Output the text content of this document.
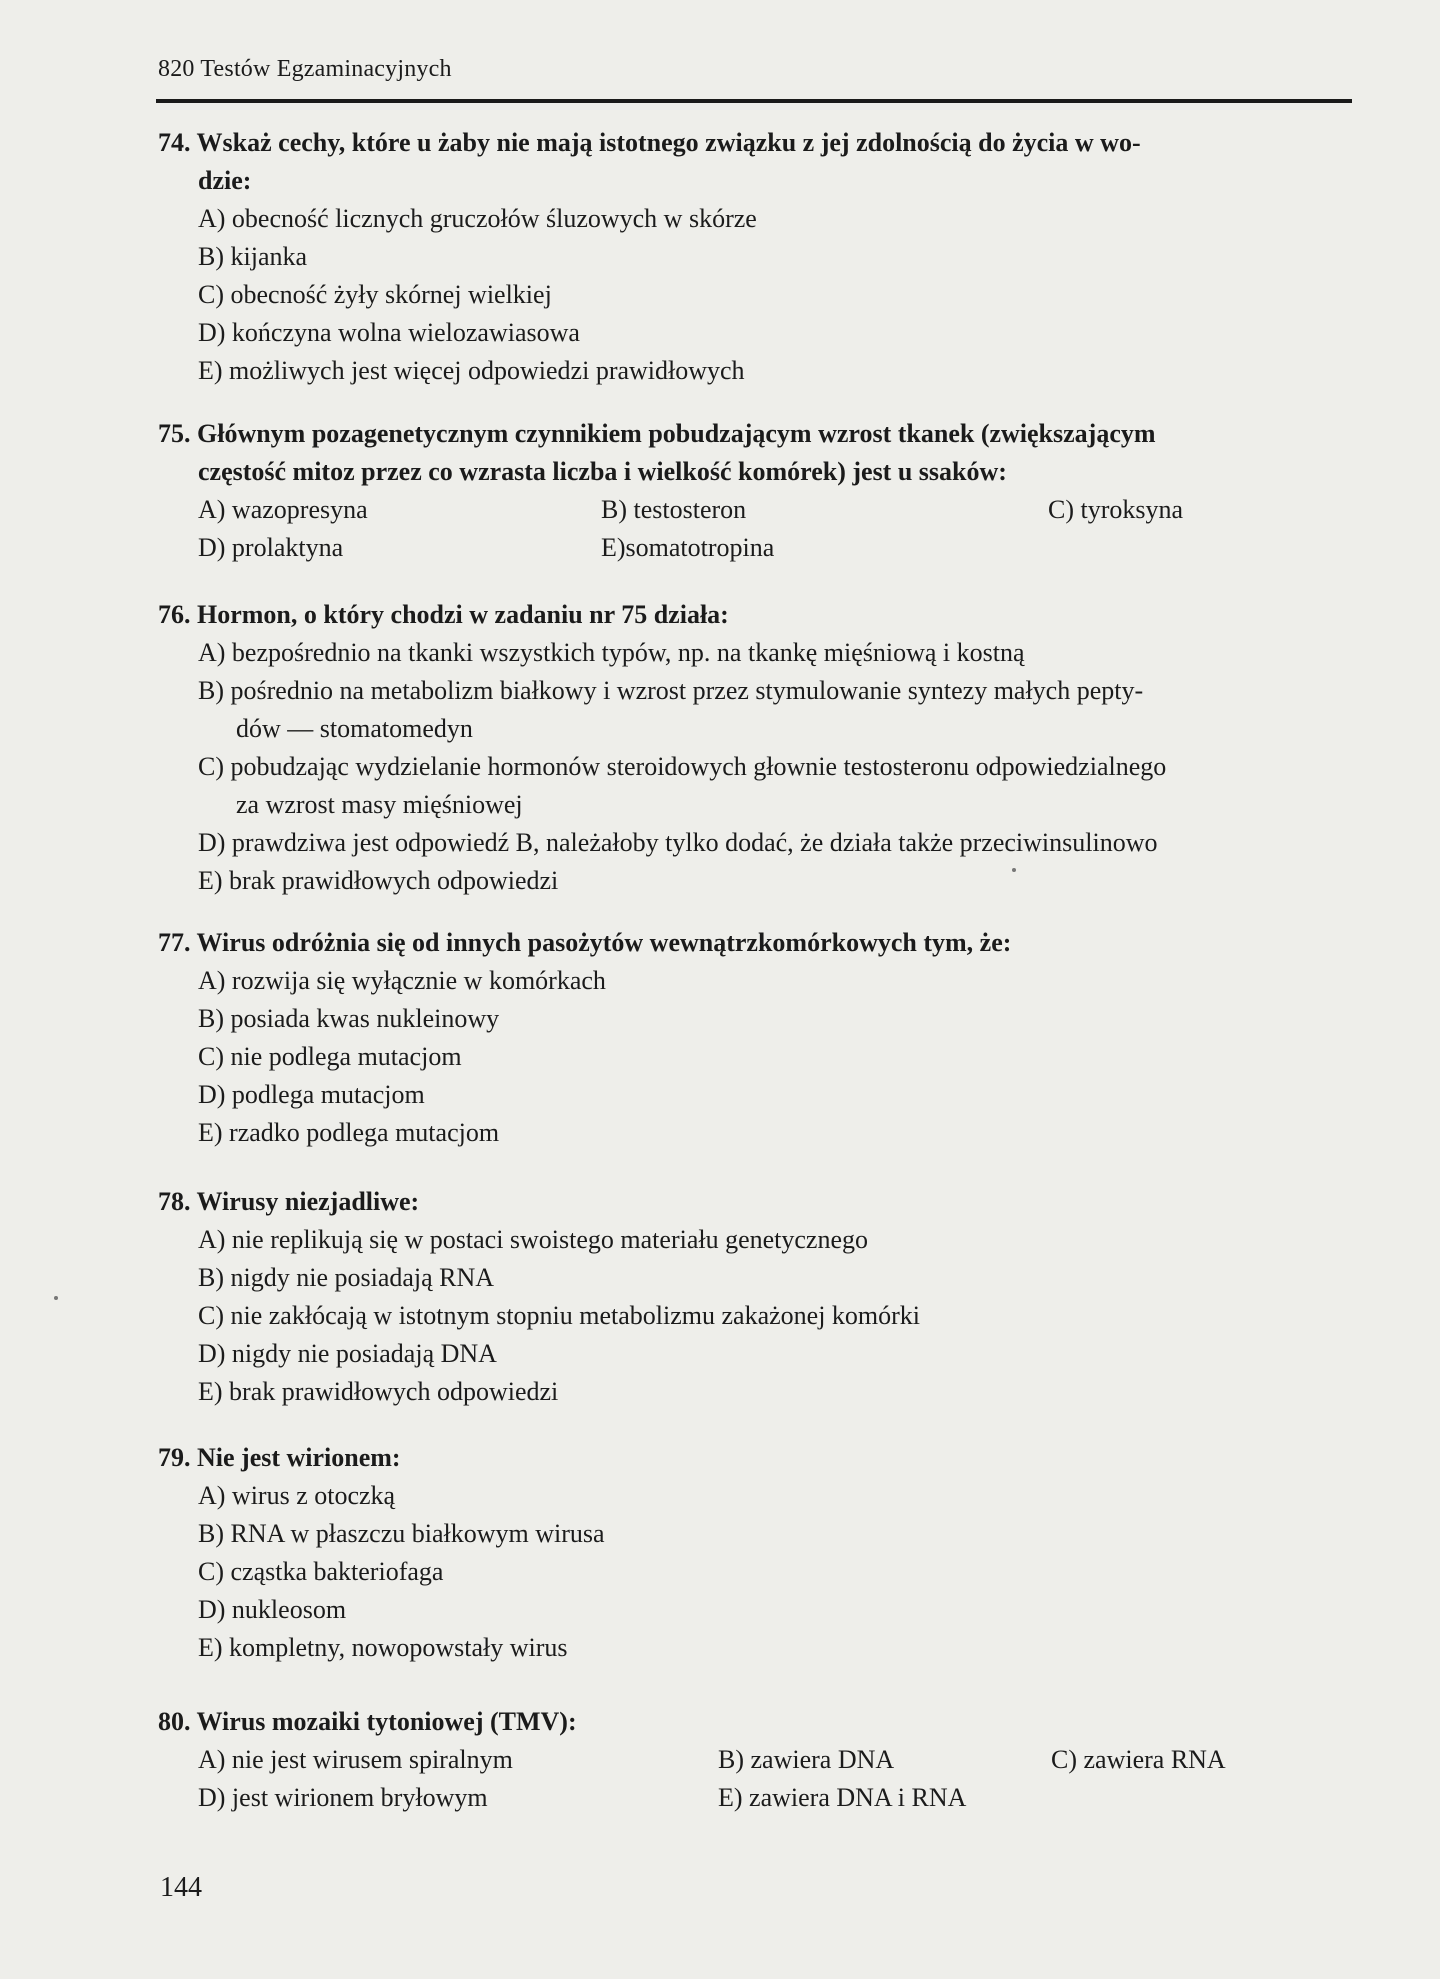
820 Testów Egzaminacyjnych
74. Wskaż cechy, które u żaby nie mają istotnego związku z jej zdolnością do życia w wo-
dzie:
A) obecność licznych gruczołów śluzowych w skórze
B) kijanka
C) obecność żyły skórnej wielkiej
D) kończyna wolna wielozawiasowa
E) możliwych jest więcej odpowiedzi prawidłowych
75. Głównym pozagenetycznym czynnikiem pobudzającym wzrost tkanek (zwiększającym
częstość mitoz przez co wzrasta liczba i wielkość komórek) jest u ssaków:
A) wazopresyna	B) testosteron	C) tyroksyna
D) prolaktyna	E)somatotropina
76. Hormon, o który chodzi w zadaniu nr 75 działa:
A) bezpośrednio na tkanki wszystkich typów, np. na tkankę mięśniową i kostną
B) pośrednio na metabolizm białkowy i wzrost przez stymulowanie syntezy małych pepty-
dów — stomatomedyn
C) pobudzając wydzielanie hormonów steroidowych głownie testosteronu odpowiedzialnego
za wzrost masy mięśniowej
D) prawdziwa jest odpowiedź B, należałoby tylko dodać, że działa także przeciwinsulinowo
E) brak prawidłowych odpowiedzi
77. Wirus odróżnia się od innych pasożytów wewnątrzkomórkowych tym, że:
A) rozwija się wyłącznie w komórkach
B) posiada kwas nukleinowy
C) nie podlega mutacjom
D) podlega mutacjom
E) rzadko podlega mutacjom
78. Wirusy niezjadliwe:
A) nie replikują się w postaci swoistego materiału genetycznego
B) nigdy nie posiadają RNA
C) nie zakłócają w istotnym stopniu metabolizmu zakażonej komórki
D) nigdy nie posiadają DNA
E) brak prawidłowych odpowiedzi
79. Nie jest wirionem:
A) wirus z otoczką
B) RNA w płaszczu białkowym wirusa
C) cząstka bakteriofaga
D) nukleosom
E) kompletny, nowopowstały wirus
80. Wirus mozaiki tytoniowej (TMV):
A) nie jest wirusem spiralnym	B) zawiera DNA	C) zawiera RNA
D) jest wirionem bryłowym	E) zawiera DNA i RNA
144
